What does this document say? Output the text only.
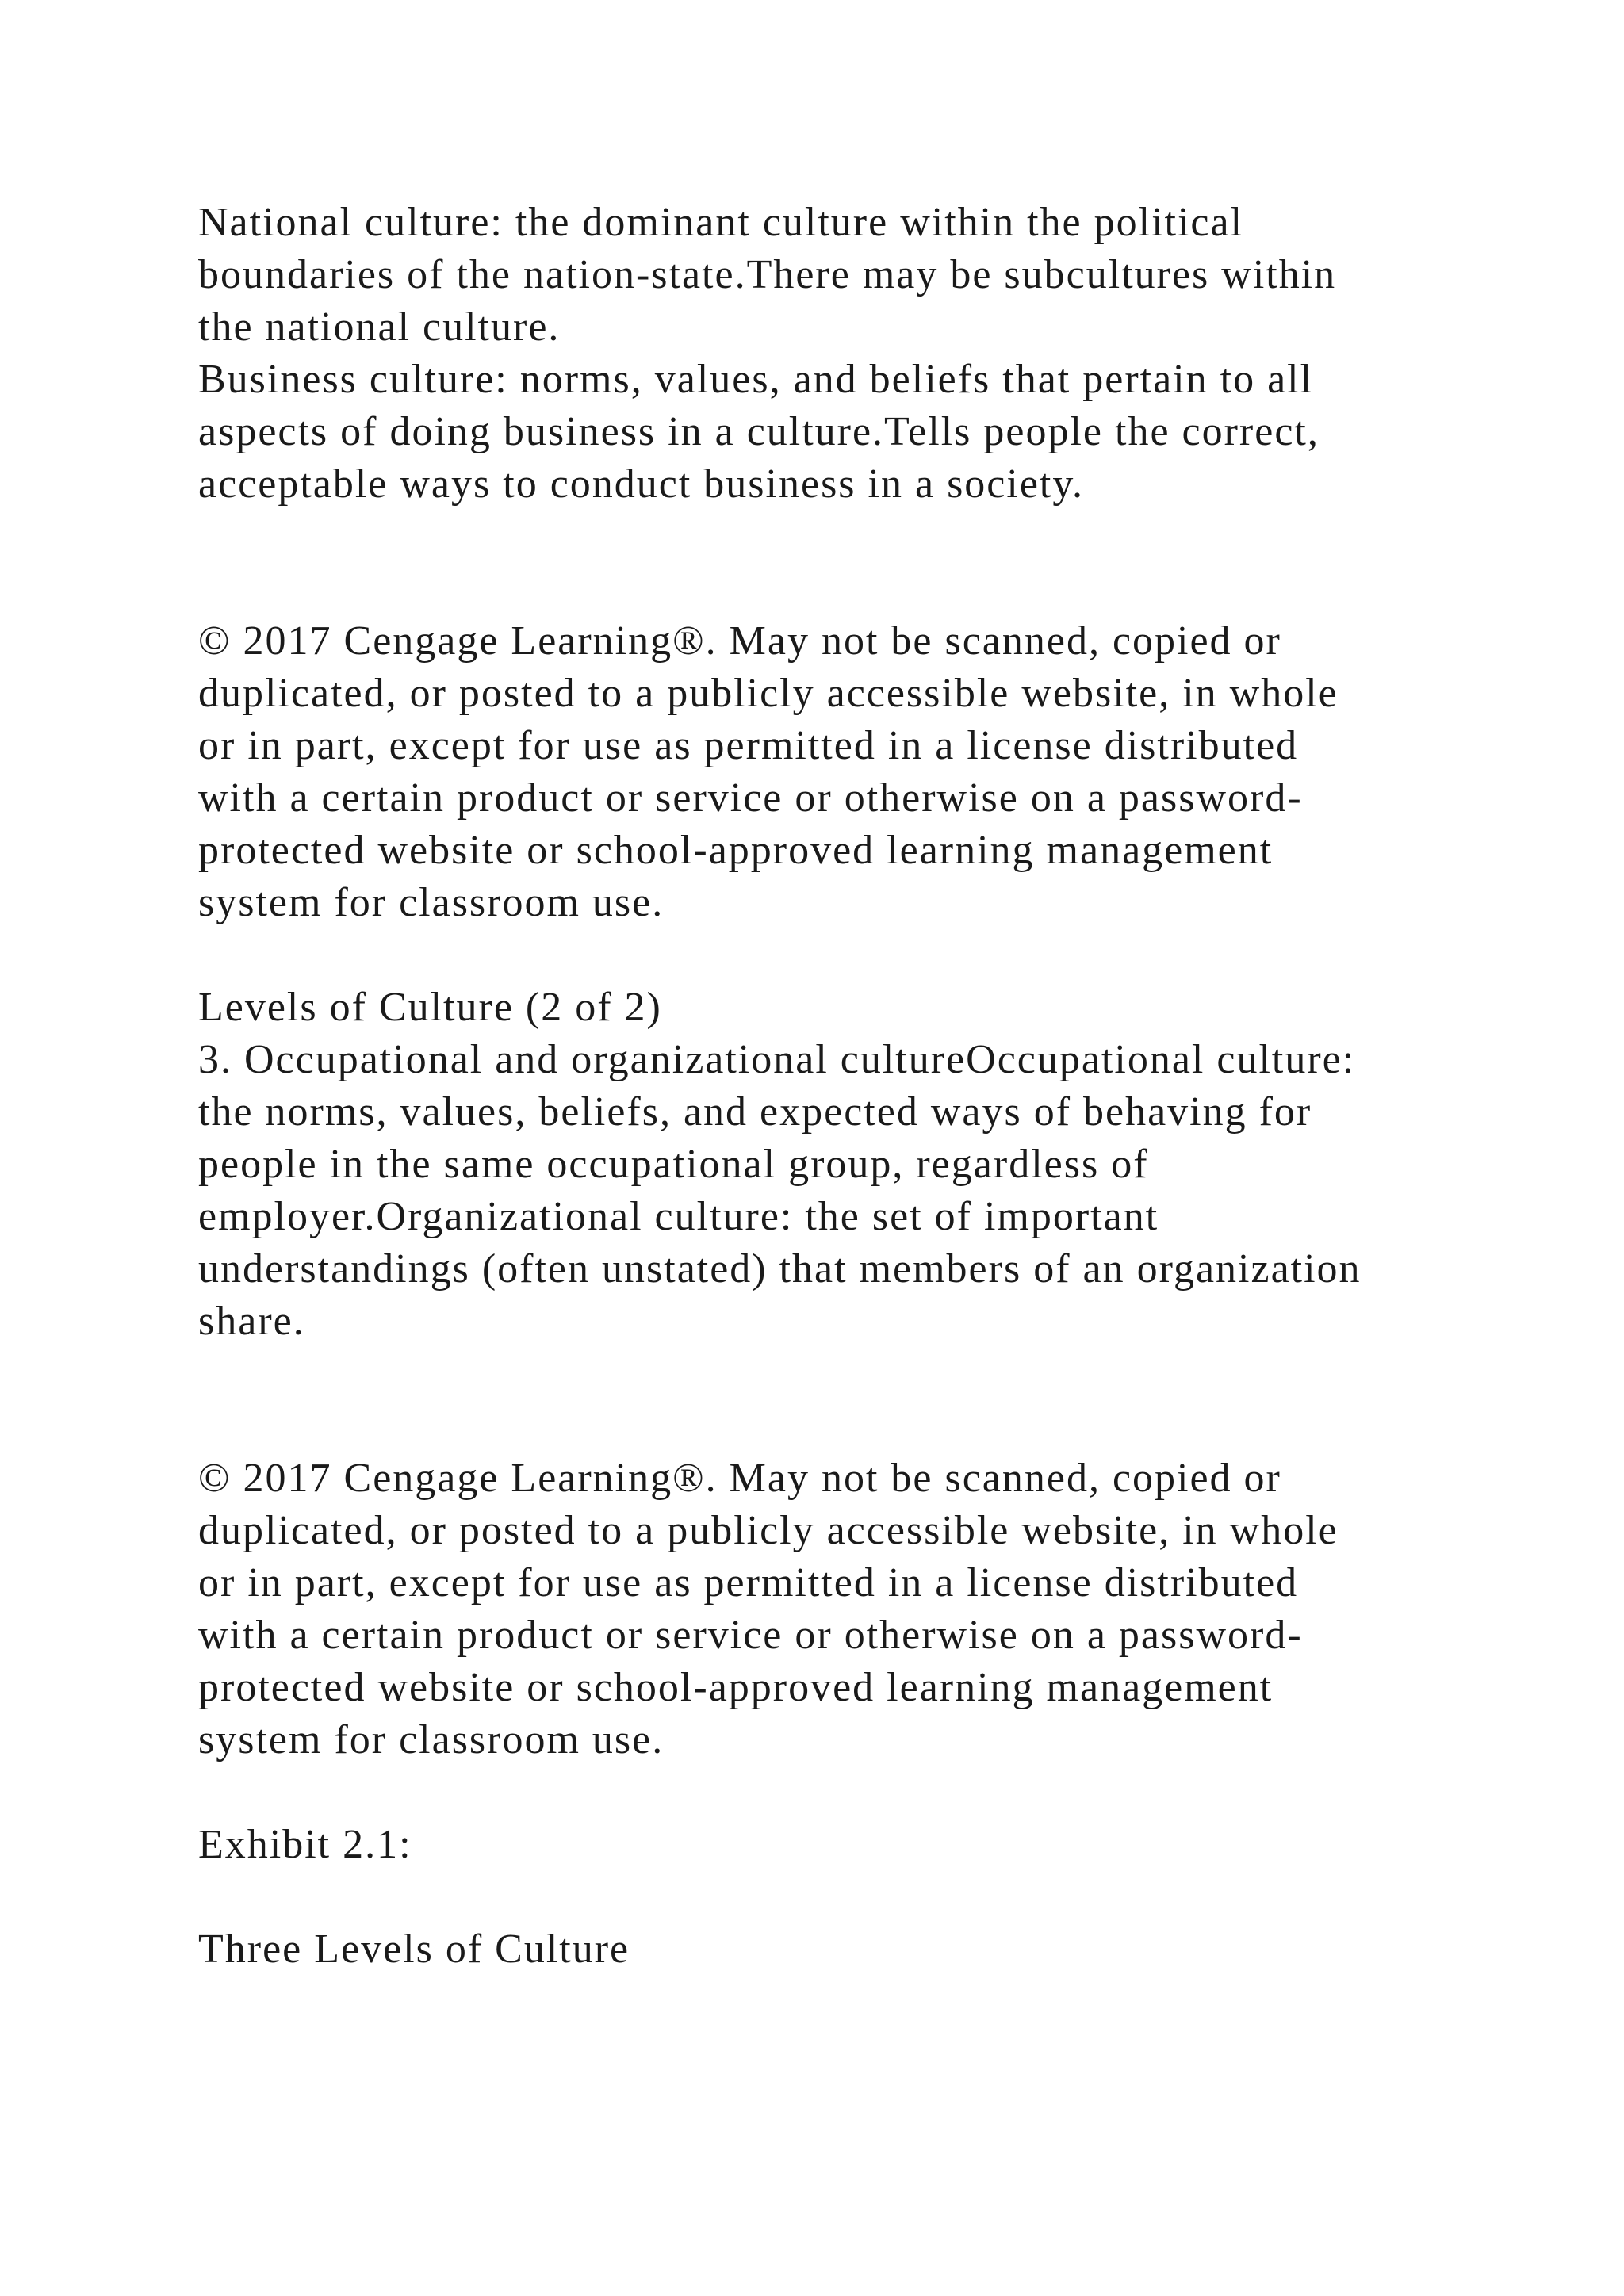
National culture: the dominant culture within the political
boundaries of the nation-state.There may be subcultures within
the national culture.
Business culture: norms, values, and beliefs that pertain to all
aspects of doing business in a culture.Tells people the correct,
acceptable ways to conduct business in a society.

© 2017 Cengage Learning®. May not be scanned, copied or
duplicated, or posted to a publicly accessible website, in whole
or in part, except for use as permitted in a license distributed
with a certain product or service or otherwise on a password-
protected website or school-approved learning management
system for classroom use.

Levels of Culture (2 of 2)
3. Occupational and organizational cultureOccupational culture:
the norms, values, beliefs, and expected ways of behaving for
people in the same occupational group, regardless of
employer.Organizational culture: the set of important
understandings (often unstated) that members of an organization
share.

© 2017 Cengage Learning®. May not be scanned, copied or
duplicated, or posted to a publicly accessible website, in whole
or in part, except for use as permitted in a license distributed
with a certain product or service or otherwise on a password-
protected website or school-approved learning management
system for classroom use.

Exhibit 2.1:

Three Levels of Culture
